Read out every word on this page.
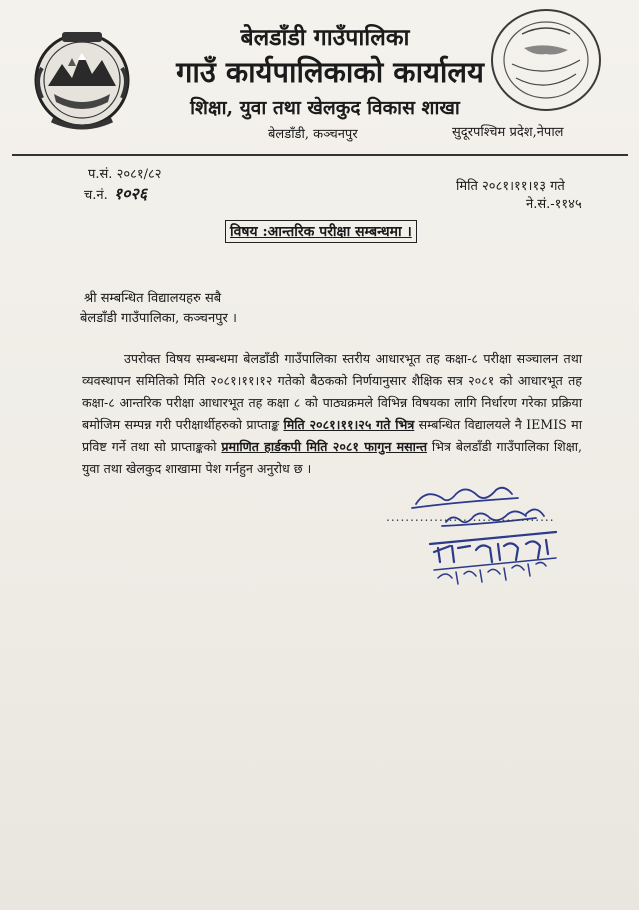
बेलडाँडी गाउँपालिका
गाउँ कार्यपालिकाको कार्यालय
शिक्षा, युवा तथा खेलकुद विकास शाखा
बेलडाँडी, कञ्चनपुर	सुदूरपश्चिम प्रदेश,नेपाल
प.सं. २०८१/८२
च.नं. १०२६	मिति २०८१।११।१३ गते
ने.सं.-११४५
विषय :आन्तरिक परीक्षा सम्बन्धमा ।
श्री सम्बन्धित विद्यालयहरु सबै
बेलडाँडी गाउँपालिका, कञ्चनपुर ।
उपरोक्त विषय सम्बन्धमा बेलडाँडी गाउँपालिका स्तरीय आधारभूत तह कक्षा-८ परीक्षा सञ्चालन तथा व्यवस्थापन समितिको मिति २०८१।११।१२ गतेको बैठकको निर्णयानुसार शैक्षिक सत्र २०८१ को आधारभूत तह कक्षा-८ आन्तरिक परीक्षा आधारभूत तह कक्षा ८ को पाठ्यक्रमले विभिन्न विषयका लागि निर्धारण गरेका प्रक्रिया बमोजिम सम्पन्न गरी परीक्षार्थीहरुको प्राप्ताङ्क मिति २०८१।११।२५ गते भित्र सम्बन्धित विद्यालयले नै IEMIS मा प्रविष्ट गर्ने तथा सो प्राप्ताङ्कको प्रमाणित हार्डकपी मिति २०८१ फागुन मसान्त भित्र बेलडाँडी गाउँपालिका शिक्षा, युवा तथा खेलकुद शाखामा पेश गर्नहुन अनुरोध छ ।
...................................
